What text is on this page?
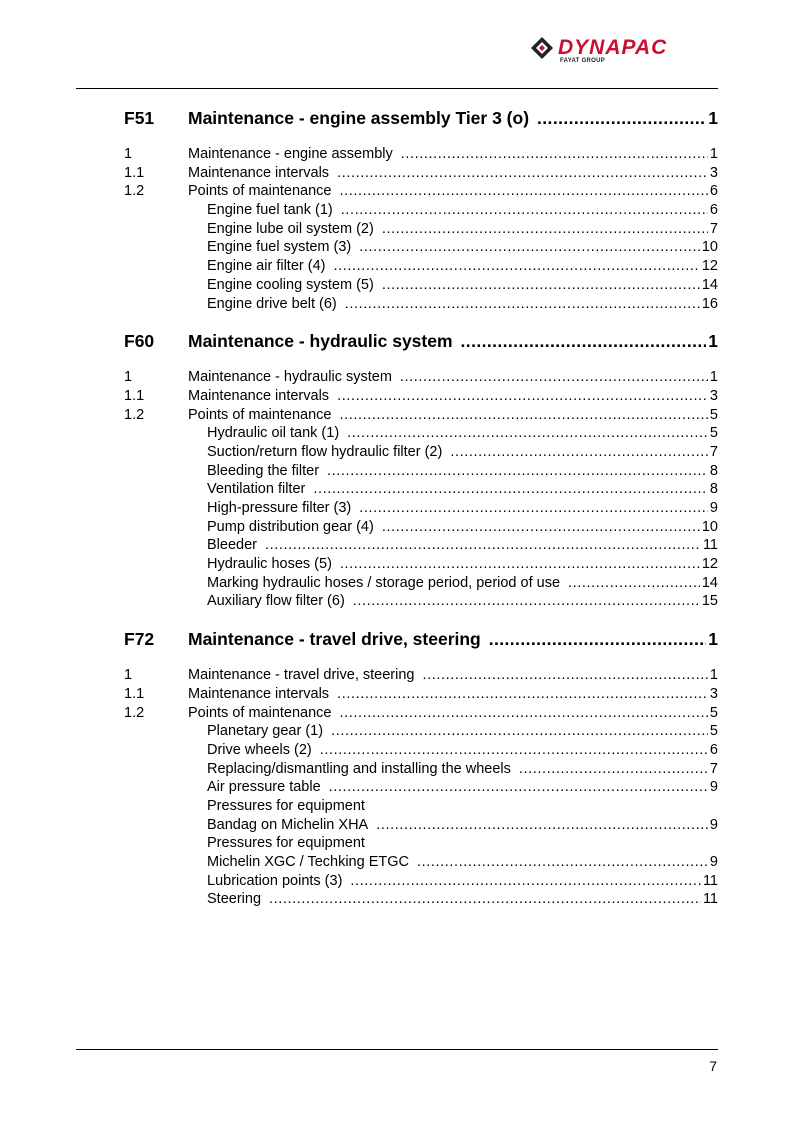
DYNAPAC
FAYAT GROUP
F51	Maintenance - engine assembly Tier 3 (o) .....	1
1	Maintenance - engine assembly .....	1
1.1	Maintenance intervals .....	3
1.2	Points of maintenance .....	6
Engine fuel tank (1) .....	6
Engine lube oil system (2) .....	7
Engine fuel system (3) .....	10
Engine air filter (4) .....	12
Engine cooling system (5) .....	14
Engine drive belt (6) .....	16
F60	Maintenance - hydraulic system .....	1
1	Maintenance - hydraulic system .....	1
1.1	Maintenance intervals .....	3
1.2	Points of maintenance .....	5
Hydraulic oil tank (1) .....	5
Suction/return flow hydraulic filter (2) .....	7
Bleeding the filter .....	8
Ventilation filter .....	8
High-pressure filter (3) .....	9
Pump distribution gear (4) .....	10
Bleeder .....	11
Hydraulic hoses (5) .....	12
Marking hydraulic hoses / storage period, period of use .....	14
Auxiliary flow filter (6) .....	15
F72	Maintenance - travel drive, steering .....	1
1	Maintenance - travel drive, steering .....	1
1.1	Maintenance intervals .....	3
1.2	Points of maintenance .....	5
Planetary gear (1) .....	5
Drive wheels (2) .....	6
Replacing/dismantling and installing the wheels .....	7
Air pressure table .....	9
Pressures for equipment
Bandag on Michelin XHA .....	9
Pressures for equipment
Michelin XGC / Techking ETGC .....	9
Lubrication points (3) .....	11
Steering .....	11
7
